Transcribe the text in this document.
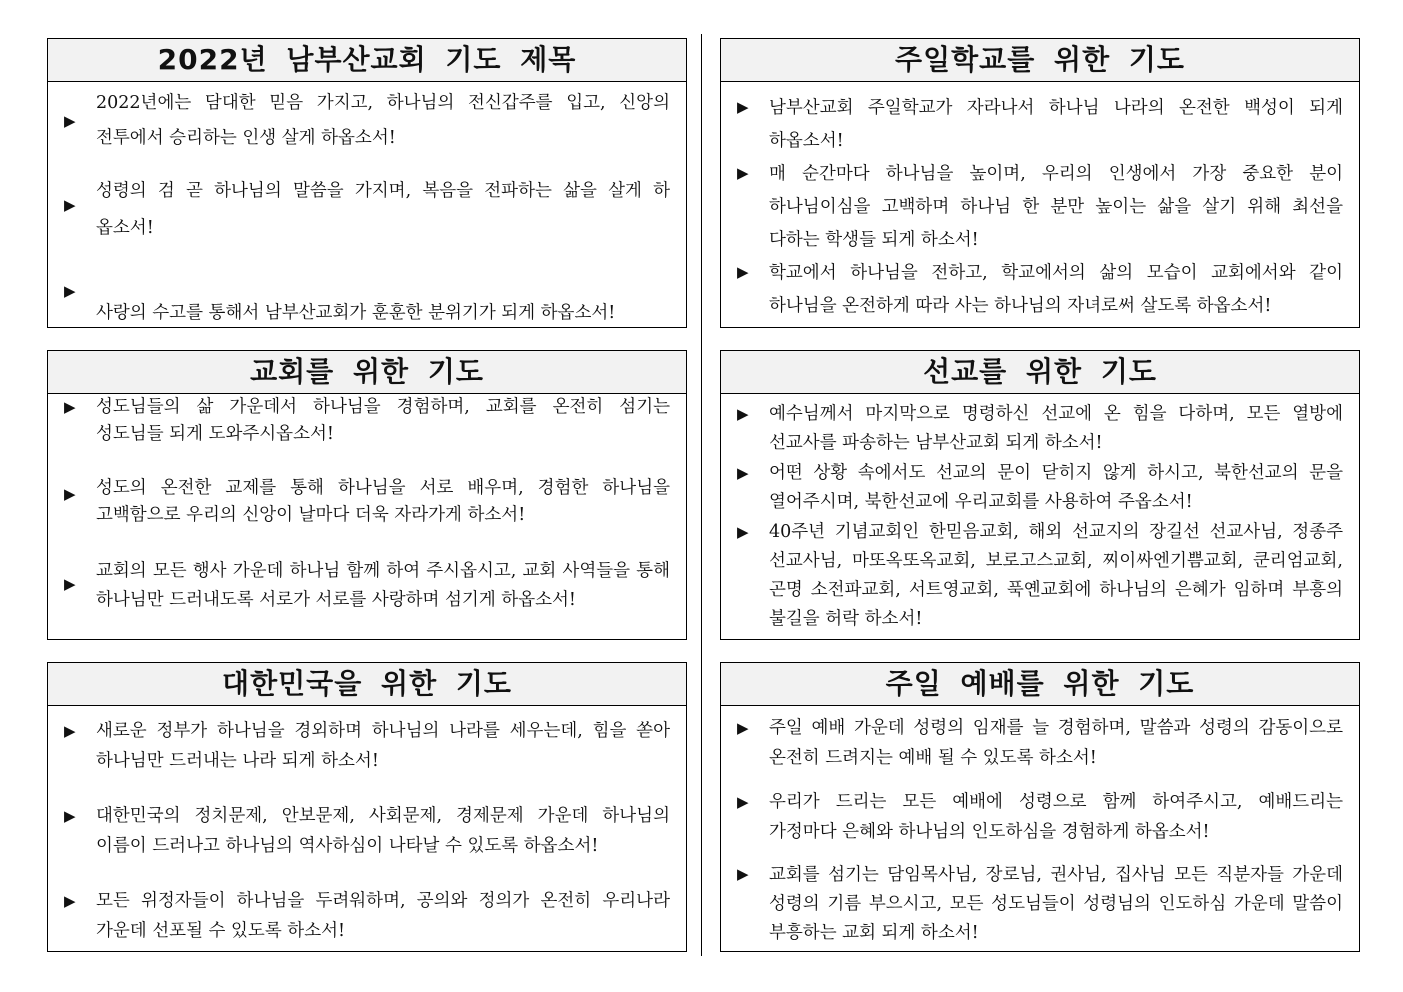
2022년 남부산교회 기도 제목
▶

2022년에는 담대한 믿음 가지고, 하나님의 전신갑주를 입고, 신앙의 전투에서 승리하는 인생 살게 하옵소서!

▶

성령의 검 곧 하나님의 말씀을 가지며, 복음을 전파하는 삶을 살게 하

옵소서!

▶

사랑의 수고를 통해서 남부산교회가 훈훈한 분위기가 되게 하옵소서!

주일학교를 위한 기도
▶ 남부산교회 주일학교가 자라나서 하나님 나라의 온전한 백성이 되게 하옵소서!

▶ 매 순간마다 하나님을 높이며, 우리의 인생에서 가장 중요한 분이 하나님이심을 고백하며 하나님 한 분만 높이는 삶을 살기 위해 최선을 다하는 학생들 되게 하소서!

▶ 학교에서 하나님을 전하고, 학교에서의 삶의 모습이 교회에서와 같이 하나님을 온전하게 따라 사는 하나님의 자녀로써 살도록 하옵소서!

교회를 위한 기도
▶ 성도님들의 삶 가운데서 하나님을 경험하며, 교회를 온전히 섬기는 성도님들 되게 도와주시옵소서!

▶ 성도의 온전한 교제를 통해 하나님을 서로 배우며, 경험한 하나님을 고백함으로 우리의 신앙이 날마다 더욱 자라가게 하소서!

▶

교회의 모든 행사 가운데 하나님 함께 하여 주시옵시고, 교회 사역들을 통해 하나님만 드러내도록 서로가 서로를 사랑하며 섬기게 하옵소서!

선교를 위한 기도
▶ 예수님께서 마지막으로 명령하신 선교에 온 힘을 다하며, 모든 열방에 선교사를 파송하는 남부산교회 되게 하소서!

▶ 어떤 상황 속에서도 선교의 문이 닫히지 않게 하시고, 북한선교의 문을 열어주시며, 북한선교에 우리교회를 사용하여 주옵소서!

▶ 40주년 기념교회인 한믿음교회, 해외 선교지의 장길선 선교사님, 정종주 선교사님, 마또옥또옥교회, 보로고스교회, 찌이싸엔기쁨교회, 쿤리엄교회, 곤명 소전파교회, 서트영교회, 푹옌교회에 하나님의 은혜가 임하며 부흥의 불길을 허락 하소서!

대한민국을 위한 기도
▶ 새로운 정부가 하나님을 경외하며 하나님의 나라를 세우는데, 힘을 쏟아 하나님만 드러내는 나라 되게 하소서!

▶ 대한민국의 정치문제, 안보문제, 사회문제, 경제문제 가운데 하나님의 이름이 드러나고 하나님의 역사하심이 나타날 수 있도록 하옵소서!

▶ 모든 위정자들이 하나님을 두려워하며, 공의와 정의가 온전히 우리나라 가운데 선포될 수 있도록 하소서!

주일 예배를 위한 기도
▶ 주일 예배 가운데 성령의 임재를 늘 경험하며, 말씀과 성령의 감동이으로 온전히 드려지는 예배 될 수 있도록 하소서!

▶ 우리가 드리는 모든 예배에 성령으로 함께 하여주시고, 예배드리는 가정마다 은혜와 하나님의 인도하심을 경험하게 하옵소서!

▶ 교회를 섬기는 담임목사님, 장로님, 권사님, 집사님 모든 직분자들 가운데 성령의 기름 부으시고, 모든 성도님들이 성령님의 인도하심 가운데 말씀이 부흥하는 교회 되게 하소서!
